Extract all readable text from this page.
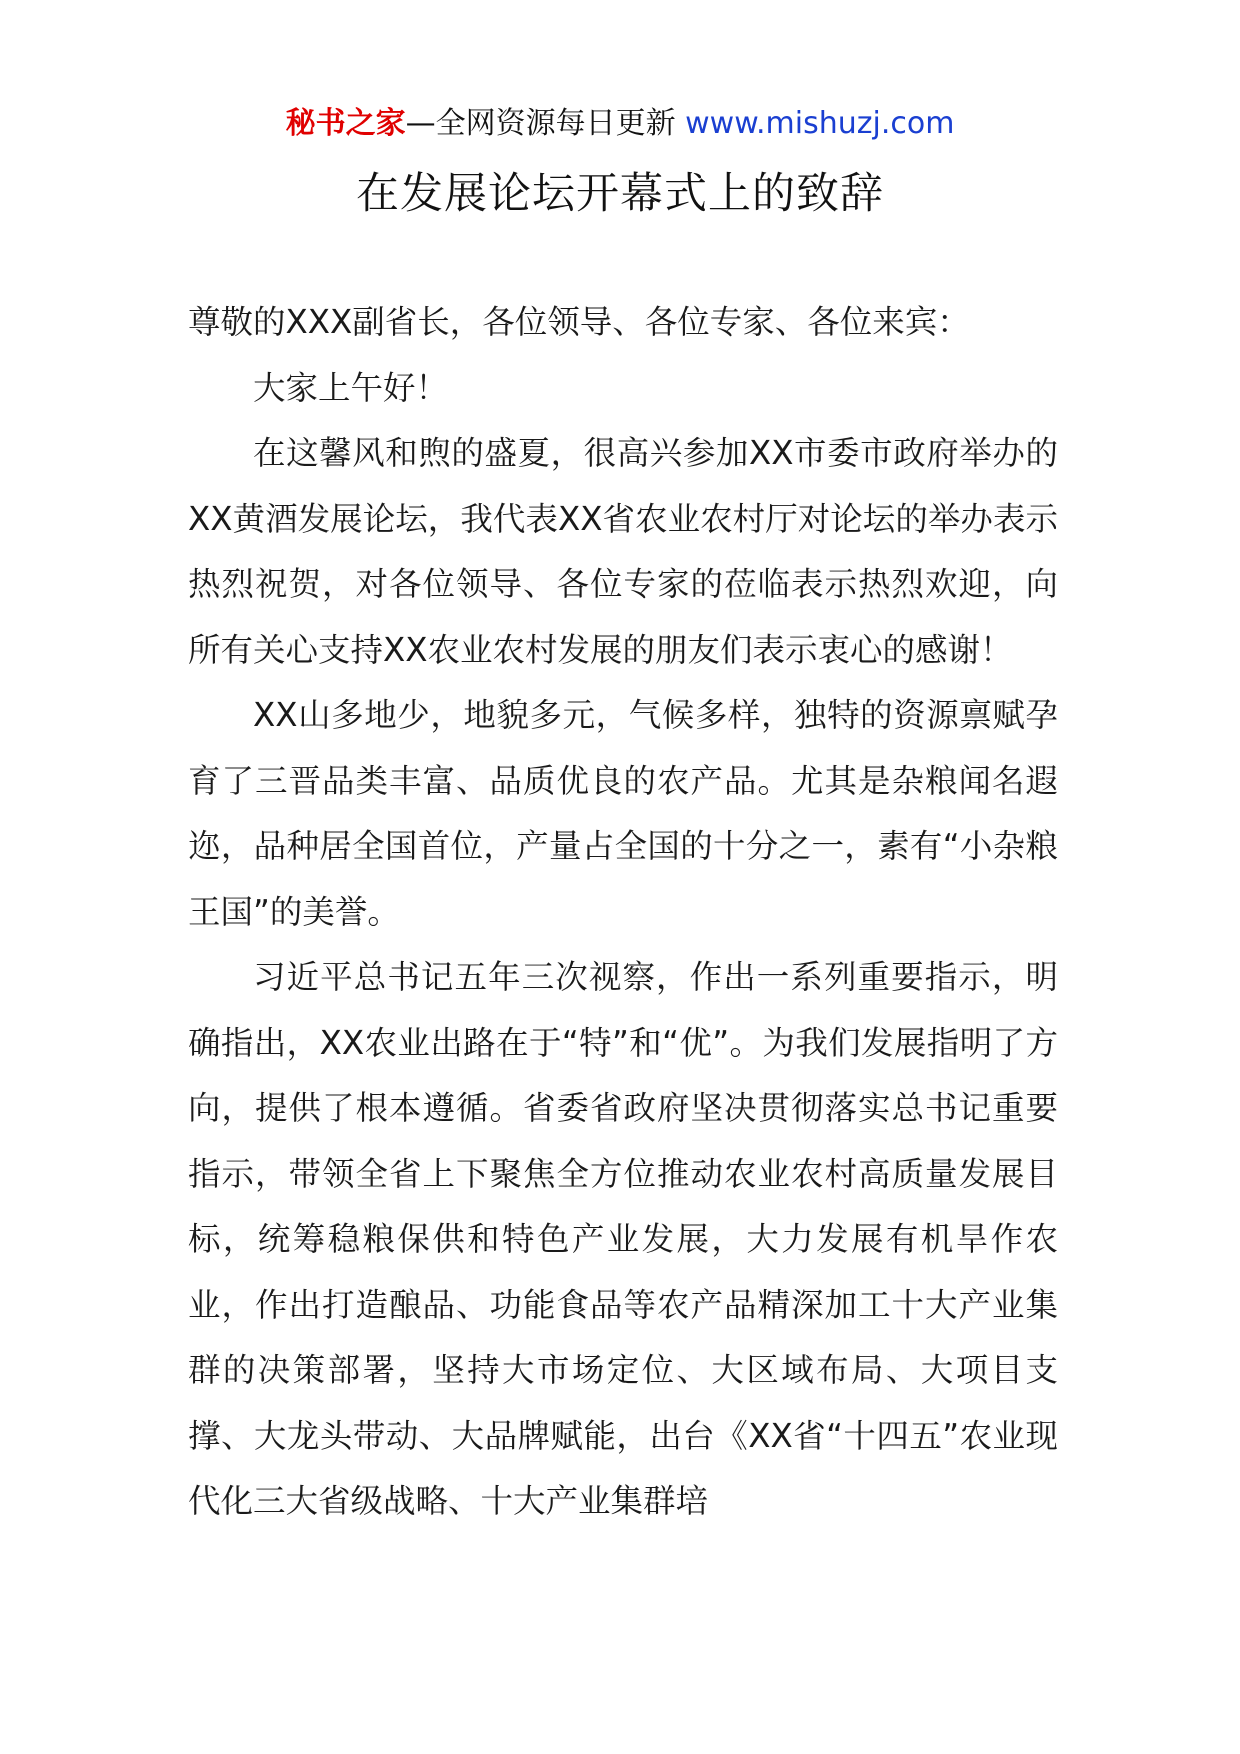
秘书之家—全网资源每日更新 www.mishuzj.com
在发展论坛开幕式上的致辞

尊敬的XXX副省长，各位领导、各位专家、各位来宾：

大家上午好！

在这馨风和煦的盛夏，很高兴参加XX市委市政府举办的XX黄酒发展论坛，我代表XX省农业农村厅对论坛的举办表示热烈祝贺，对各位领导、各位专家的莅临表示热烈欢迎，向所有关心支持XX农业农村发展的朋友们表示衷心的感谢！

XX山多地少，地貌多元，气候多样，独特的资源禀赋孕育了三晋品类丰富、品质优良的农产品。尤其是杂粮闻名遐迩，品种居全国首位，产量占全国的十分之一，素有“小杂粮王国”的美誉。

习近平总书记五年三次视察，作出一系列重要指示，明确指出，XX农业出路在于“特”和“优”。为我们发展指明了方向，提供了根本遵循。省委省政府坚决贯彻落实总书记重要指示，带领全省上下聚焦全方位推动农业农村高质量发展目标，统筹稳粮保供和特色产业发展，大力发展有机旱作农业，作出打造酿品、功能食品等农产品精深加工十大产业集群的决策部署，坚持大市场定位、大区域布局、大项目支撑、大龙头带动、大品牌赋能，出台《XX省“十四五”农业现代化三大省级战略、十大产业集群培
